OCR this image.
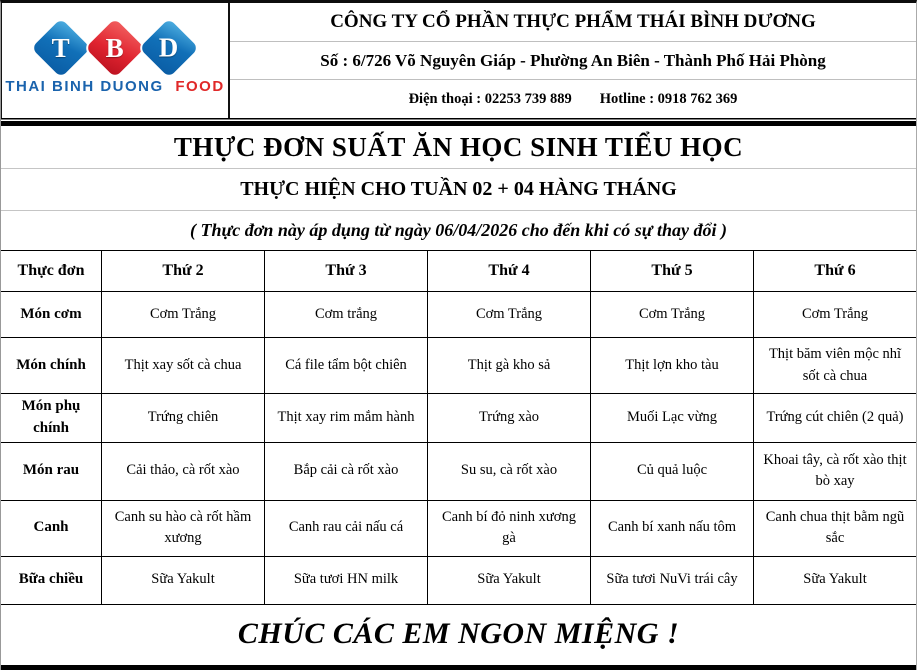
T B D
THAI BINH DUONG FOOD
CÔNG TY CỔ PHẦN THỰC PHẨM THÁI BÌNH DƯƠNG
Số : 6/726 Võ Nguyên Giáp - Phường An Biên - Thành Phố Hải Phòng
Điện thoại : 02253 739 889 Hotline : 0918 762 369
THỰC ĐƠN SUẤT ĂN HỌC SINH TIỂU HỌC
THỰC HIỆN CHO TUẦN 02 + 04 HÀNG THÁNG
( Thực đơn này áp dụng từ ngày 06/04/2026 cho đến khi có sự thay đổi )
Thực đơn	Thứ 2	Thứ 3	Thứ 4	Thứ 5	Thứ 6
Món cơm	Cơm Trắng	Cơm trắng	Cơm Trắng	Cơm Trắng	Cơm Trắng
Món chính	Thịt xay sốt cà chua	Cá file tẩm bột chiên	Thịt gà kho sả	Thịt lợn kho tàu	Thịt băm viên mộc nhĩ sốt cà chua
Món phụ chính	Trứng chiên	Thịt xay rim mắm hành	Trứng xào	Muối Lạc vừng	Trứng cút chiên (2 quả)
Món rau	Cải thảo, cà rốt xào	Bắp cải cà rốt xào	Su su, cà rốt xào	Củ quả luộc	Khoai tây, cà rốt xào thịt bò xay
Canh	Canh su hào cà rốt hầm xương	Canh rau cải nấu cá	Canh bí đỏ ninh xương gà	Canh bí xanh nấu tôm	Canh chua thịt bằm ngũ sắc
Bữa chiều	Sữa Yakult	Sữa tươi HN milk	Sữa Yakult	Sữa tươi NuVi trái cây	Sữa Yakult
CHÚC CÁC EM NGON MIỆNG !
